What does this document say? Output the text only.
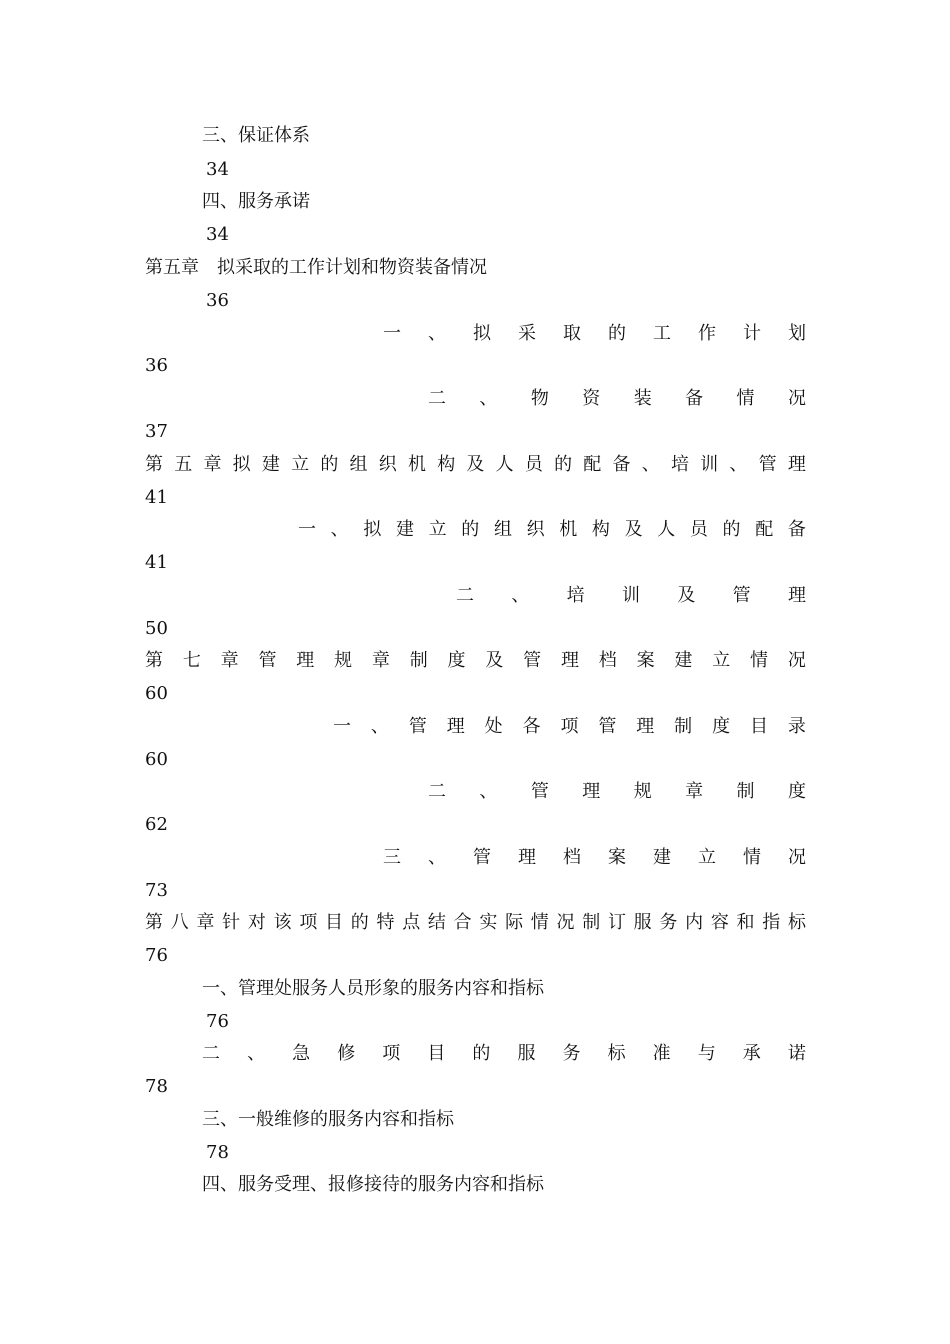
三、保证体系
34
四、服务承诺
34
第五章　拟采取的工作计划和物资装备情况
36
一 、 拟 采 取 的 工 作 计 划
36
二 、 物 资 装 备 情 况
37
第 五 章 拟 建 立 的 组 织 机 构 及 人 员 的 配 备 、 培 训 、 管 理
41
一 、 拟 建 立 的 组 织 机 构 及 人 员 的 配 备
41
二 、 培 训 及 管 理
50
第 七 章 管 理 规 章 制 度 及 管 理 档 案 建 立 情 况
60
一 、 管 理 处 各 项 管 理 制 度 目 录
60
二 、 管 理 规 章 制 度
62
三 、 管 理 档 案 建 立 情 况
73
第 八 章 针 对 该 项 目 的 特 点 结 合 实 际 情 况 制 订 服 务 内 容 和 指 标
76
一、管理处服务人员形象的服务内容和指标
76
二 、 急 修 项 目 的 服 务 标 准 与 承 诺
78
三、一般维修的服务内容和指标
78
四、服务受理、报修接待的服务内容和指标
